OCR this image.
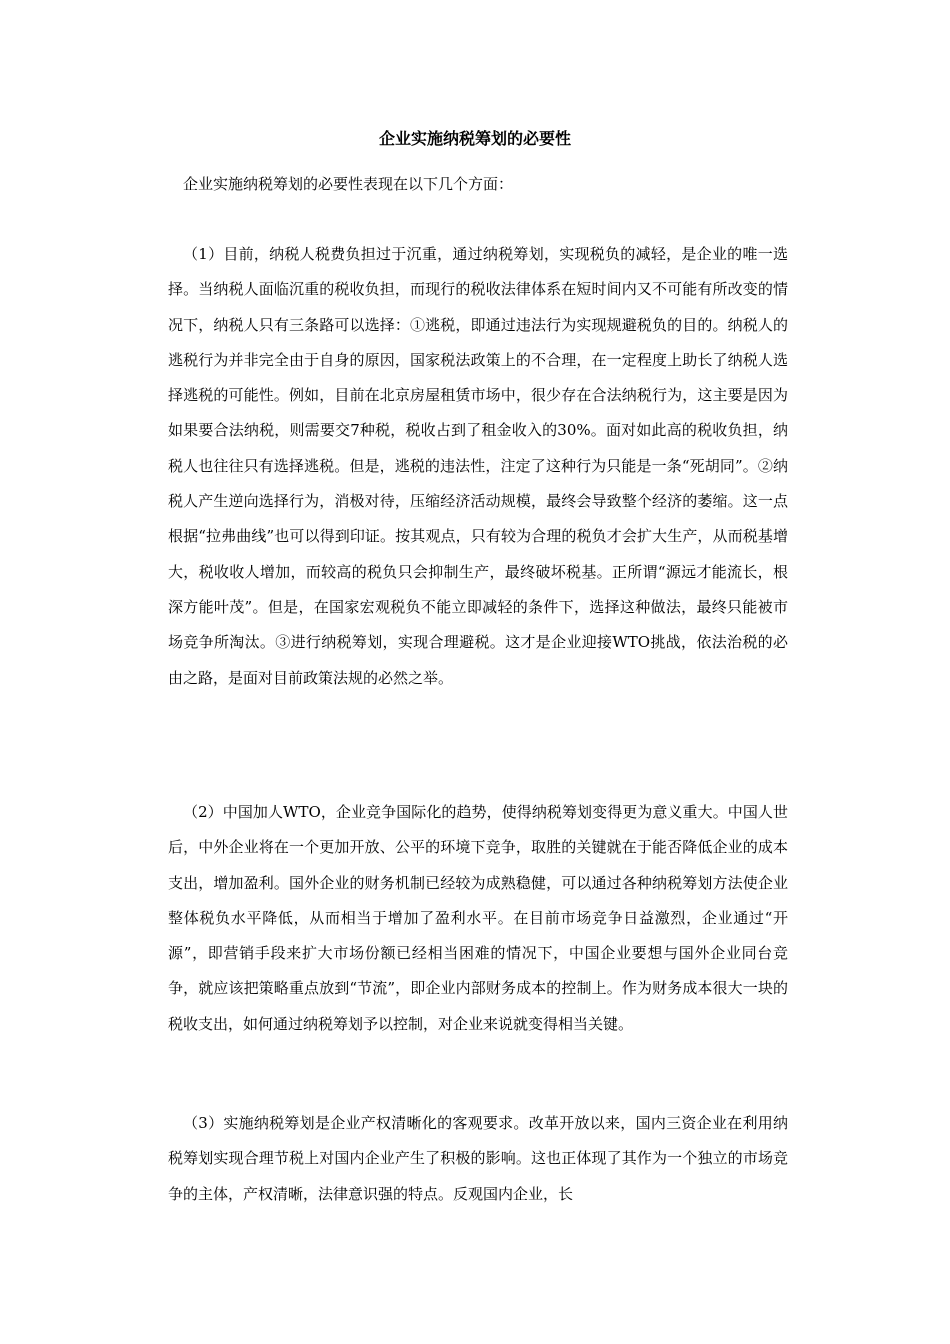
企业实施纳税筹划的必要性

企业实施纳税筹划的必要性表现在以下几个方面：

（1）目前，纳税人税费负担过于沉重，通过纳税筹划，实现税负的减轻，是企业的唯一选择。当纳税人面临沉重的税收负担，而现行的税收法律体系在短时间内又不可能有所改变的情况下，纳税人只有三条路可以选择：①逃税，即通过违法行为实现规避税负的目的。纳税人的逃税行为并非完全由于自身的原因，国家税法政策上的不合理，在一定程度上助长了纳税人选择逃税的可能性。例如，目前在北京房屋租赁市场中，很少存在合法纳税行为，这主要是因为如果要合法纳税，则需要交7种税，税收占到了租金收入的30%。面对如此高的税收负担，纳税人也往往只有选择逃税。但是，逃税的违法性，注定了这种行为只能是一条“死胡同”。②纳税人产生逆向选择行为，消极对待，压缩经济活动规模，最终会导致整个经济的萎缩。这一点根据“拉弗曲线”也可以得到印证。按其观点，只有较为合理的税负才会扩大生产，从而税基增大，税收收人增加，而较高的税负只会抑制生产，最终破坏税基。正所谓“源远才能流长，根深方能叶茂”。但是，在国家宏观税负不能立即减轻的条件下，选择这种做法，最终只能被市场竞争所淘汰。③进行纳税筹划，实现合理避税。这才是企业迎接WTO挑战，依法治税的必由之路，是面对目前政策法规的必然之举。

（2）中国加人WTO，企业竞争国际化的趋势，使得纳税筹划变得更为意义重大。中国人世后，中外企业将在一个更加开放、公平的环境下竞争，取胜的关键就在于能否降低企业的成本支出，增加盈利。国外企业的财务机制已经较为成熟稳健，可以通过各种纳税筹划方法使企业整体税负水平降低，从而相当于增加了盈利水平。在目前市场竞争日益激烈，企业通过“开源”，即营销手段来扩大市场份额已经相当困难的情况下，中国企业要想与国外企业同台竞争，就应该把策略重点放到“节流”，即企业内部财务成本的控制上。作为财务成本很大一块的税收支出，如何通过纳税筹划予以控制，对企业来说就变得相当关键。

（3）实施纳税筹划是企业产权清晰化的客观要求。改革开放以来，国内三资企业在利用纳税筹划实现合理节税上对国内企业产生了积极的影响。这也正体现了其作为一个独立的市场竞争的主体，产权清晰，法律意识强的特点。反观国内企业，长
